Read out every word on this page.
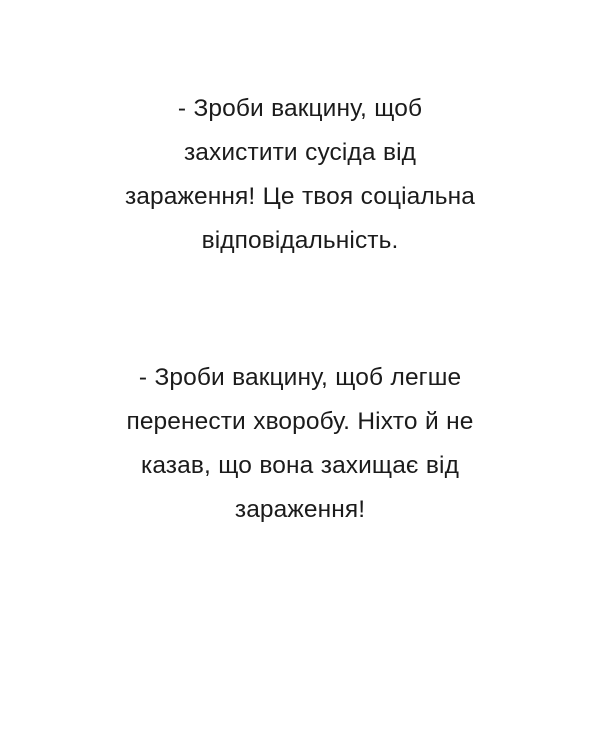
- Зроби вакцину, щоб захистити сусіда від зараження! Це твоя соціальна відповідальність.

- Зроби вакцину, щоб легше перенести хворобу. Ніхто й не казав, що вона захищає від зараження!
